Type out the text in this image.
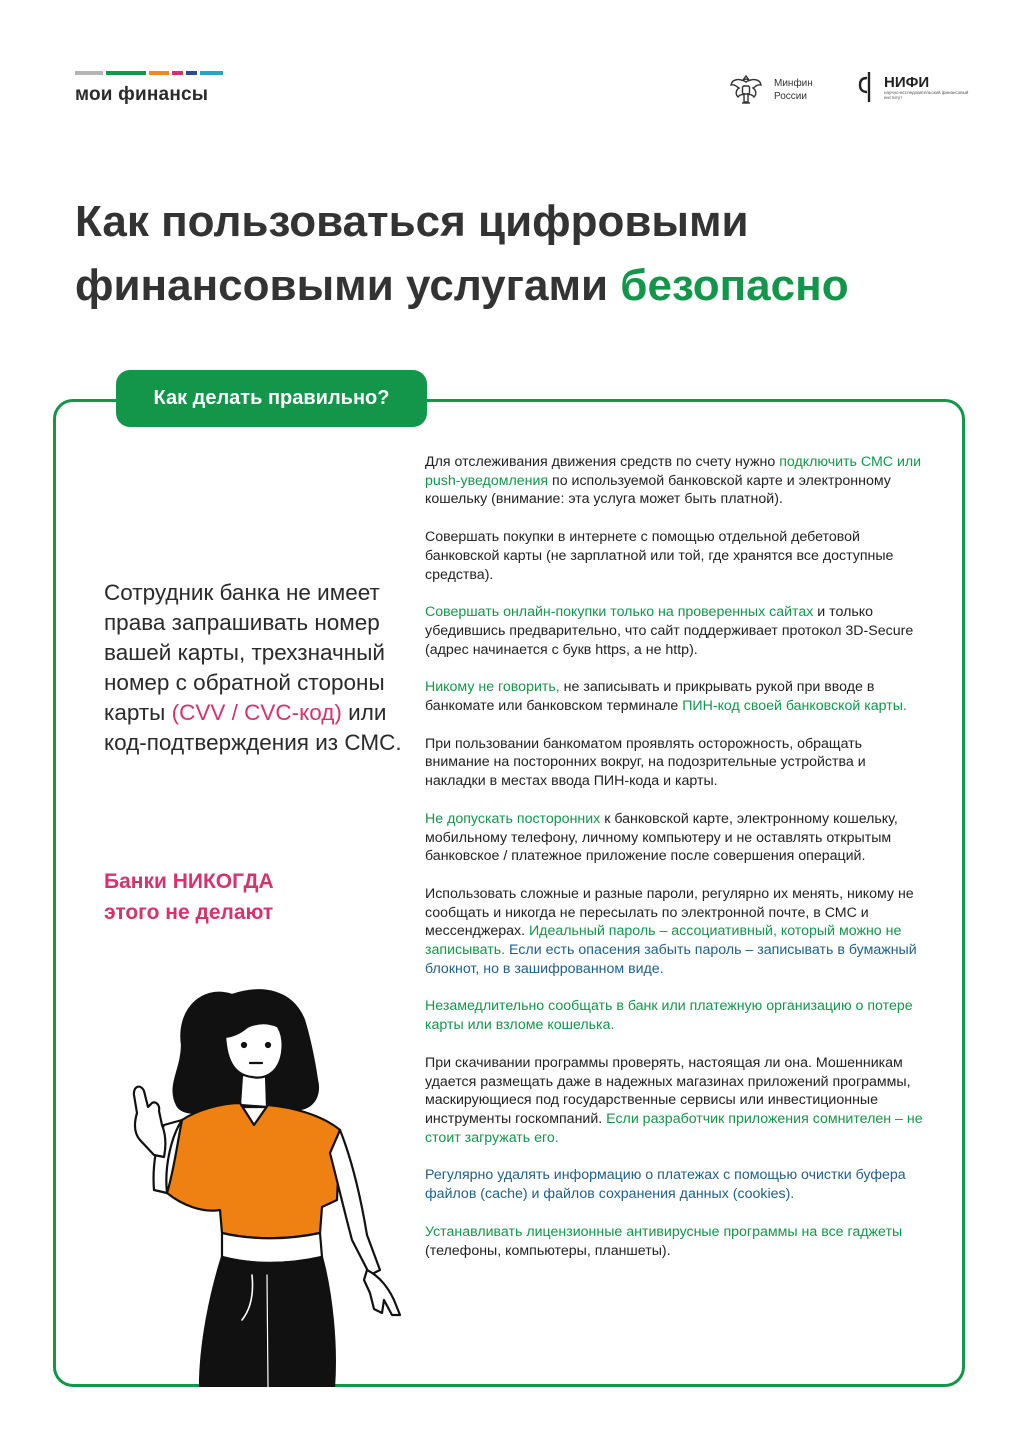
мои финансы
Минфин
России
НИФИ
научно-исследовательский финансовый институт
Как пользоваться цифровыми
финансовыми услугами безопасно
Как делать правильно?
Сотрудник банка не имеет права запрашивать номер вашей карты, трехзначный номер с обратной стороны карты (CVV / CVC-код) или код-подтверждения из СМС.
Банки НИКОГДА
этого не делают

Для отслеживания движения средств по счету нужно подключить СМС или push-уведомления по используемой банковской карте и электронному кошельку (внимание: эта услуга может быть платной).

Совершать покупки в интернете с помощью отдельной дебетовой банковской карты (не зарплатной или той, где хранятся все доступные средства).

Совершать онлайн-покупки только на проверенных сайтах и только убедившись предварительно, что сайт поддерживает протокол 3D-Secure (адрес начинается с букв https, а не http).

Никому не говорить, не записывать и прикрывать рукой при вводе в банкомате или банковском терминале ПИН-код своей банковской карты.

При пользовании банкоматом проявлять осторожность, обращать внимание на посторонних вокруг, на подозрительные устройства и накладки в местах ввода ПИН-кода и карты.

Не допускать посторонних к банковской карте, электронному кошельку, мобильному телефону, личному компьютеру и не оставлять открытым банковское / платежное приложение после совершения операций.

Использовать сложные и разные пароли, регулярно их менять, никому не сообщать и никогда не пересылать по электронной почте, в СМС и мессенджерах. Идеальный пароль – ассоциативный, который можно не записывать. Если есть опасения забыть пароль – записывать в бумажный блокнот, но в зашифрованном виде.

Незамедлительно сообщать в банк или платежную организацию о потере карты или взломе кошелька.

При скачивании программы проверять, настоящая ли она. Мошенникам удается размещать даже в надежных магазинах приложений программы, маскирующиеся под государственные сервисы или инвестиционные инструменты госкомпаний. Если разработчик приложения сомнителен – не стоит загружать его.

Регулярно удалять информацию о платежах с помощью очистки буфера файлов (cache) и файлов сохранения данных (cookies).

Устанавливать лицензионные антивирусные программы на все гаджеты (телефоны, компьютеры, планшеты).
